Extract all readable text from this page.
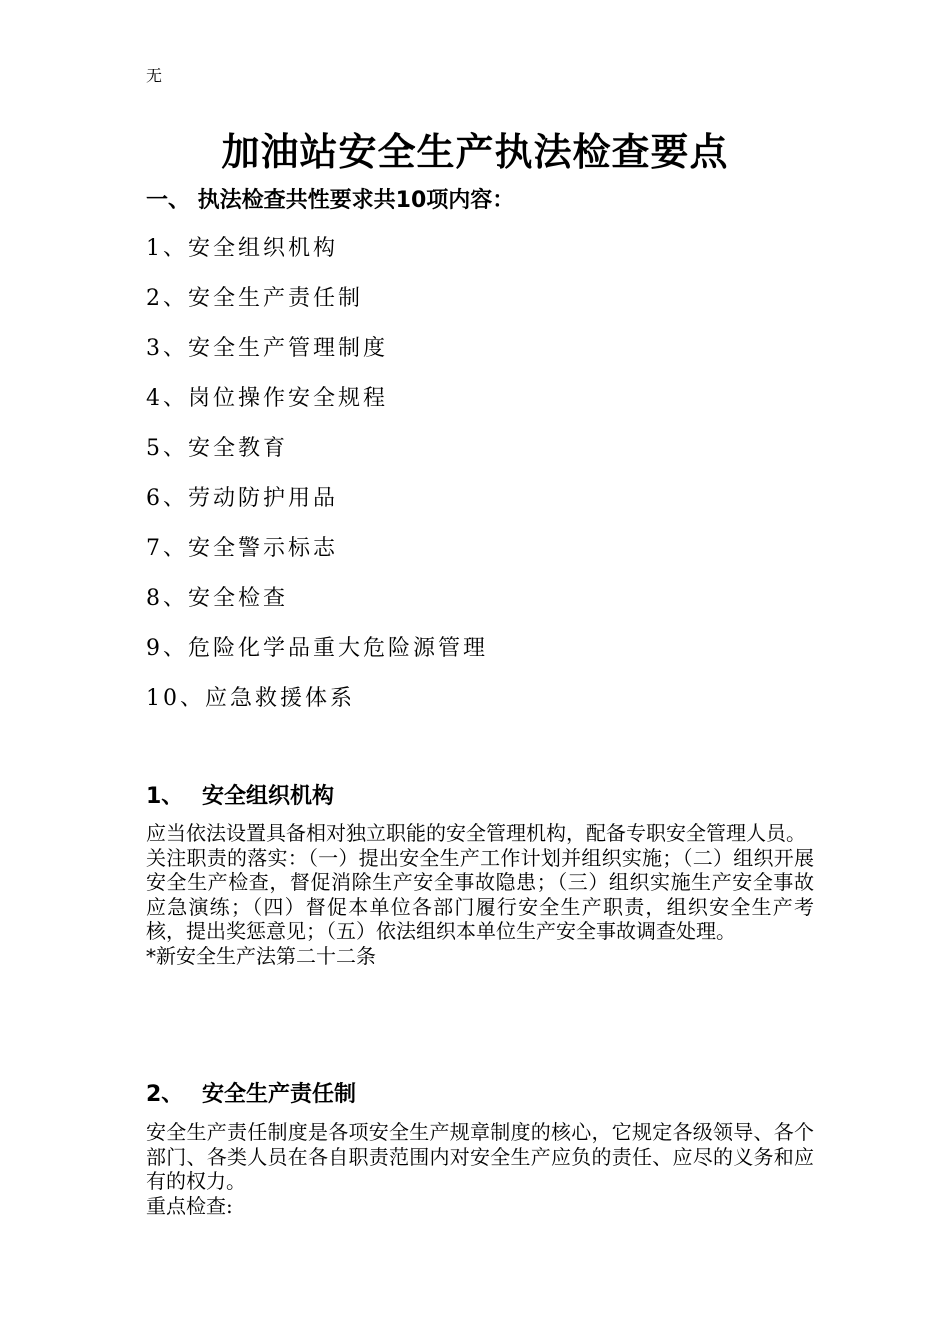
无
加油站安全生产执法检查要点
一、 执法检查共性要求共10项内容：
1、安全组织机构
2、安全生产责任制
3、安全生产管理制度
4、岗位操作安全规程
5、安全教育
6、劳动防护用品
7、安全警示标志
8、安全检查
9、危险化学品重大危险源管理
10、应急救援体系
1、 安全组织机构

应当依法设置具备相对独立职能的安全管理机构，配备专职安全管理人员。

关注职责的落实：（一）提出安全生产工作计划并组织实施；（二）组织开展安全生产检查，督促消除生产安全事故隐患；（三）组织实施生产安全事故应急演练；（四）督促本单位各部门履行安全生产职责，组织安全生产考核，提出奖惩意见；（五）依法组织本单位生产安全事故调查处理。

*新安全生产法第二十二条

2、 安全生产责任制

安全生产责任制度是各项安全生产规章制度的核心，它规定各级领导、各个部门、各类人员在各自职责范围内对安全生产应负的责任、应尽的义务和应有的权力。

重点检查:
